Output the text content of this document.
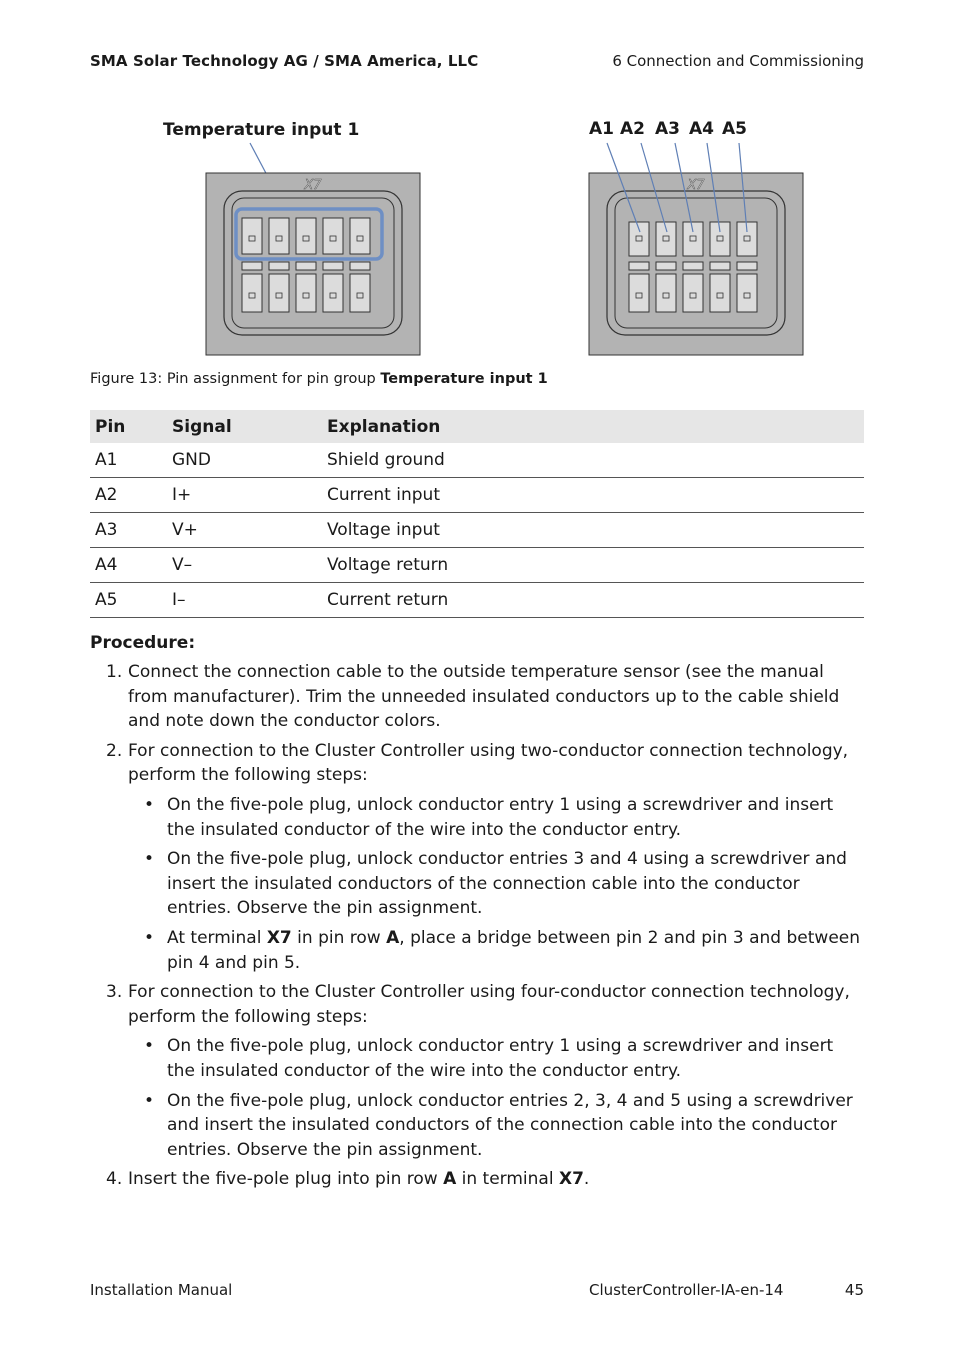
SMA Solar Technology AG / SMA America, LLC	6 Connection and Commissioning
Temperature input 1	A1 A2 A3 A4 A5
X7	X7
Figure 13: Pin assignment for pin group Temperature input 1
Pin	Signal	Explanation
A1	GND	Shield ground
A2	I+	Current input
A3	V+	Voltage input
A4	V–	Voltage return
A5	I–	Current return
Procedure:
1. Connect the connection cable to the outside temperature sensor (see the manual from manufacturer). Trim the unneeded insulated conductors up to the cable shield and note down the conductor colors.
2. For connection to the Cluster Controller using two-conductor connection technology, perform the following steps:
• On the five-pole plug, unlock conductor entry 1 using a screwdriver and insert the insulated conductor of the wire into the conductor entry.
• On the five-pole plug, unlock conductor entries 3 and 4 using a screwdriver and insert the insulated conductors of the connection cable into the conductor entries. Observe the pin assignment.
• At terminal X7 in pin row A, place a bridge between pin 2 and pin 3 and between pin 4 and pin 5.
3. For connection to the Cluster Controller using four-conductor connection technology, perform the following steps:
• On the five-pole plug, unlock conductor entry 1 using a screwdriver and insert the insulated conductor of the wire into the conductor entry.
• On the five-pole plug, unlock conductor entries 2, 3, 4 and 5 using a screwdriver and insert the insulated conductors of the connection cable into the conductor entries. Observe the pin assignment.
4. Insert the five-pole plug into pin row A in terminal X7.
Installation Manual	ClusterController-IA-en-14	45
